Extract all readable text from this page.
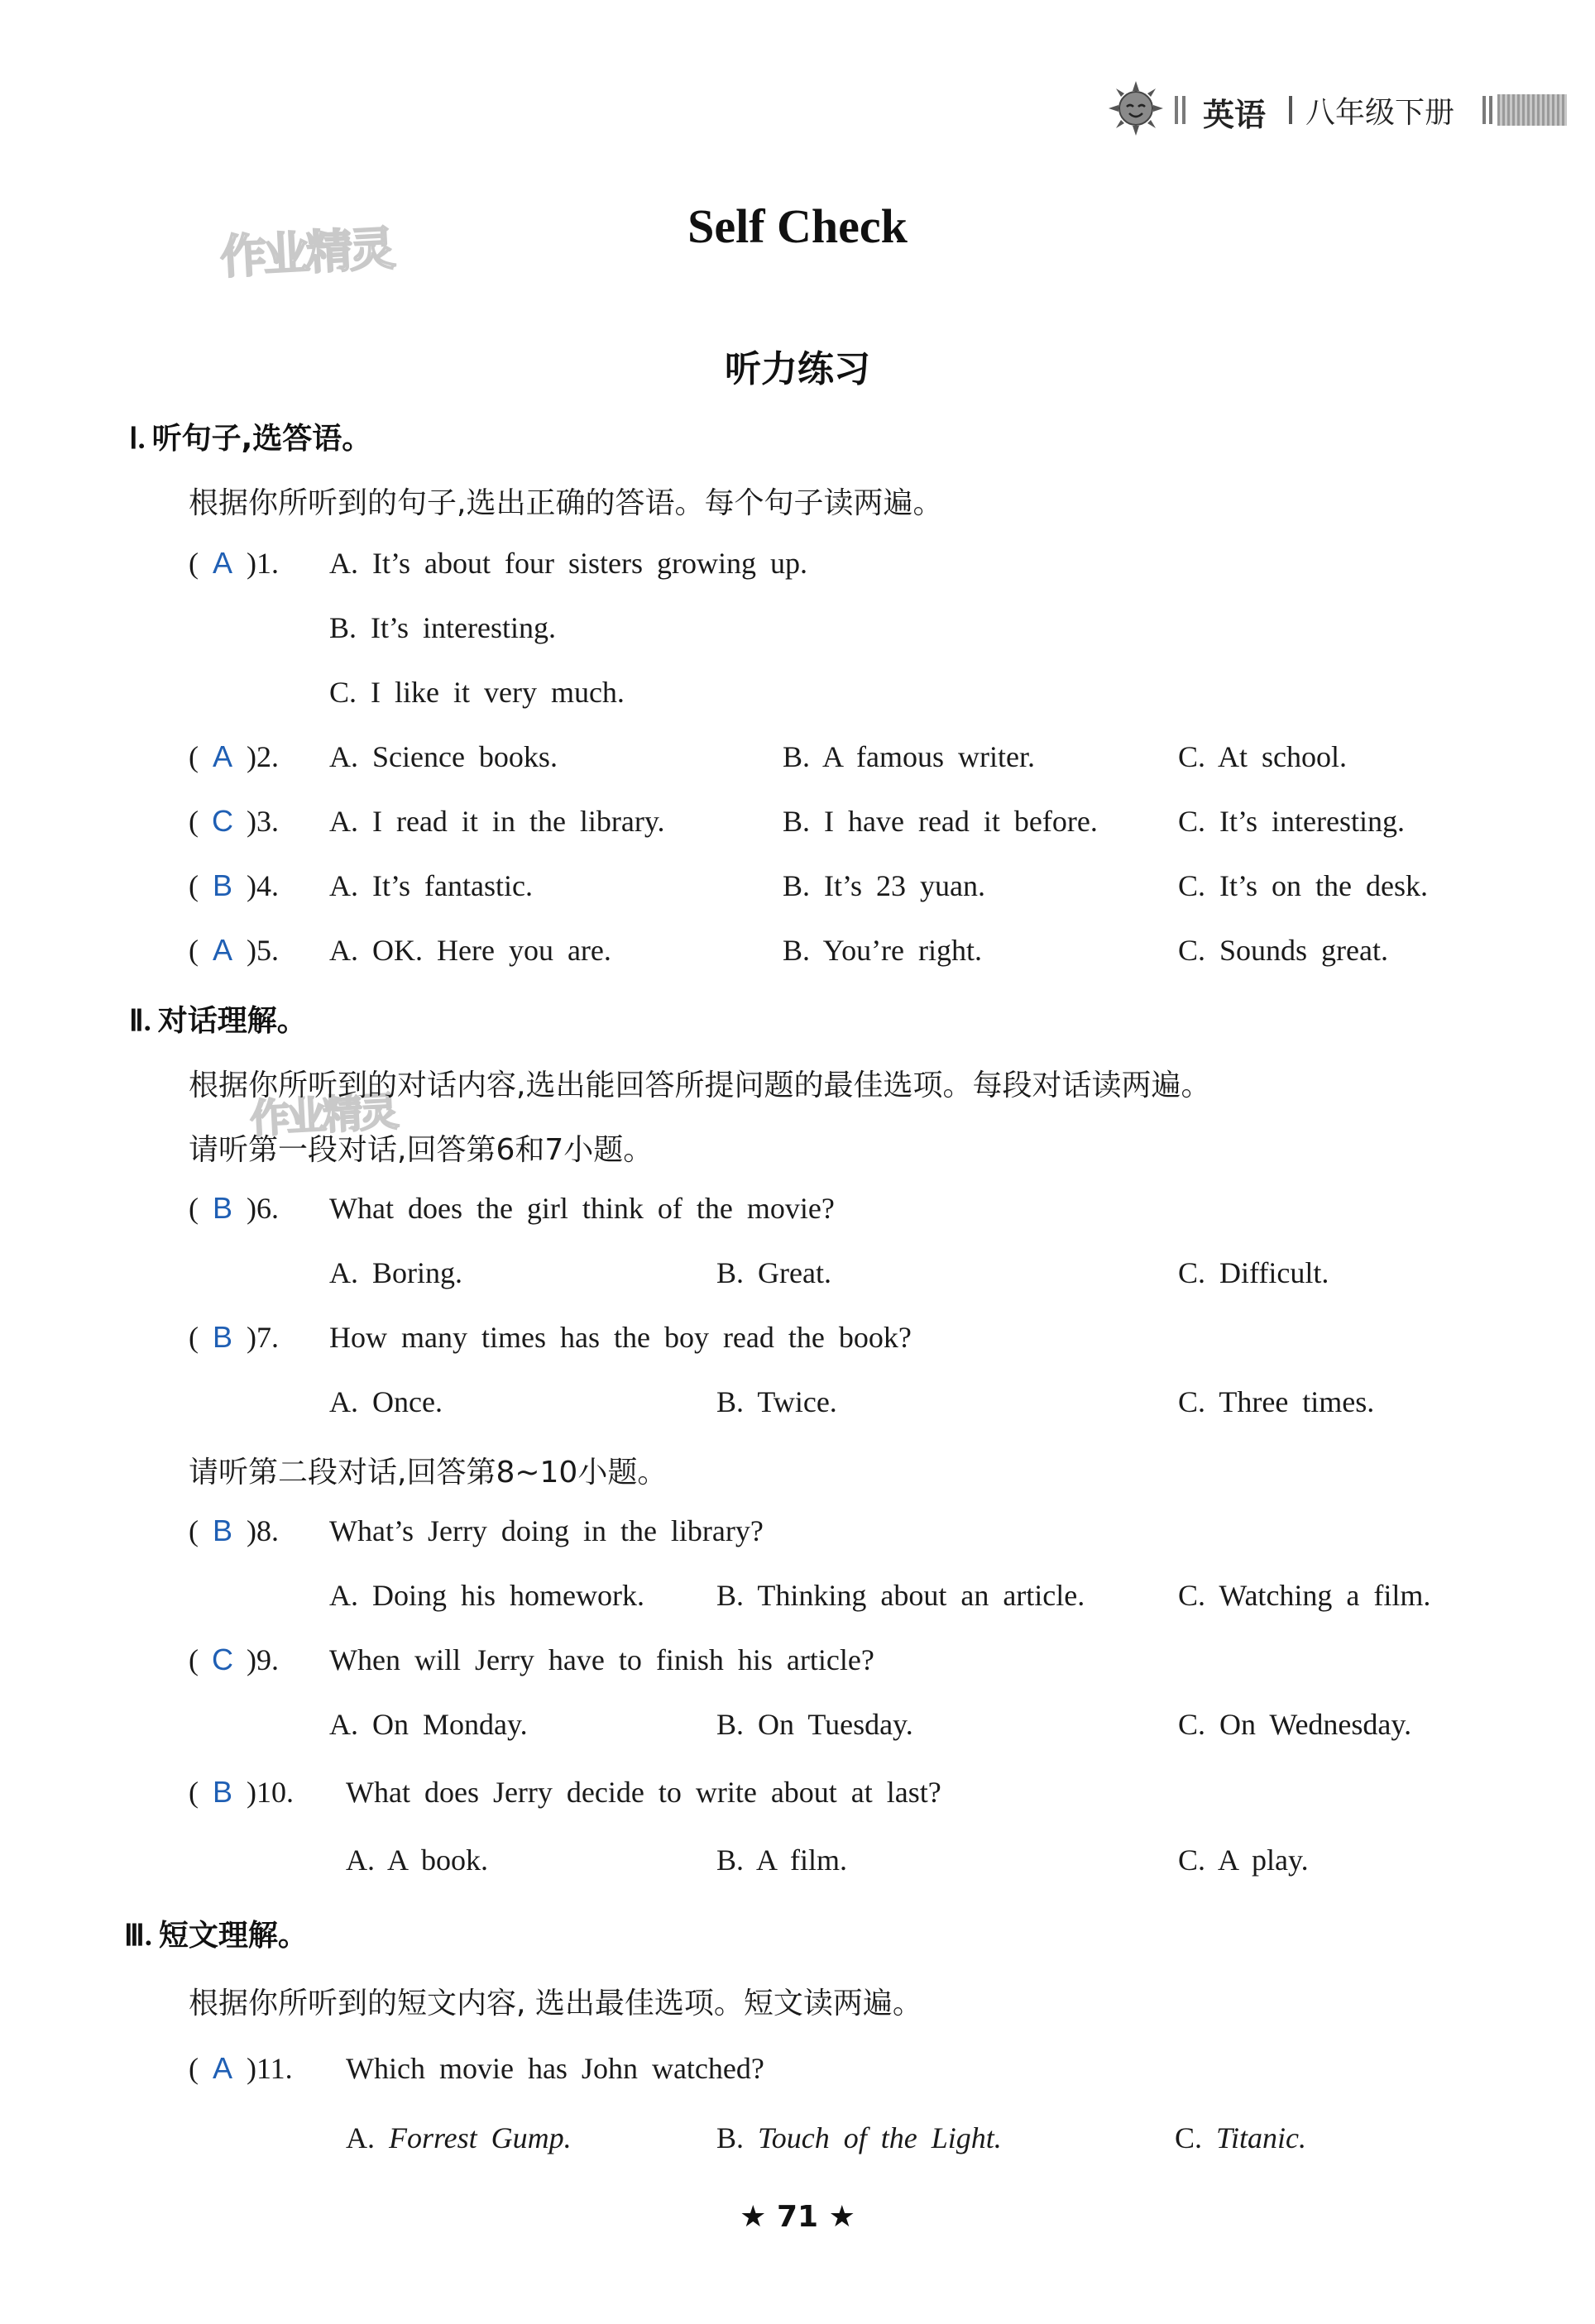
英语 八年级下册
作业精灵
作业精灵
Self Check
听力练习
Ⅰ. 听句子,选答语。
根据你所听到的句子,选出正确的答语。每个句子读两遍。
( A )1. A. It’s about four sisters growing up.
B. It’s interesting.
C. I like it very much.
( A )2. A. Science books.	B. A famous writer.	C. At school.
( C )3. A. I read it in the library.	B. I have read it before.	C. It’s interesting.
( B )4. A. It’s fantastic.	B. It’s 23 yuan.	C. It’s on the desk.
( A )5. A. OK. Here you are.	B. You’re right.	C. Sounds great.
Ⅱ. 对话理解。
根据你所听到的对话内容,选出能回答所提问题的最佳选项。每段对话读两遍。
请听第一段对话,回答第6和7小题。
( B )6. What does the girl think of the movie?
A. Boring.	B. Great.	C. Difficult.
( B )7. How many times has the boy read the book?
A. Once.	B. Twice.	C. Three times.
请听第二段对话,回答第8~10小题。
( B )8. What’s Jerry doing in the library?
A. Doing his homework. B. Thinking about an article.	C. Watching a film.
( C )9. When will Jerry have to finish his article?
A. On Monday.	B. On Tuesday.	C. On Wednesday.
( B )10. What does Jerry decide to write about at last?
A. A book.	B. A film.	C. A play.
Ⅲ. 短文理解。
根据你所听到的短文内容, 选出最佳选项。短文读两遍。
( A )11. Which movie has John watched?
A. Forrest Gump.	B. Touch of the Light.	C. Titanic.
★ 71 ★
